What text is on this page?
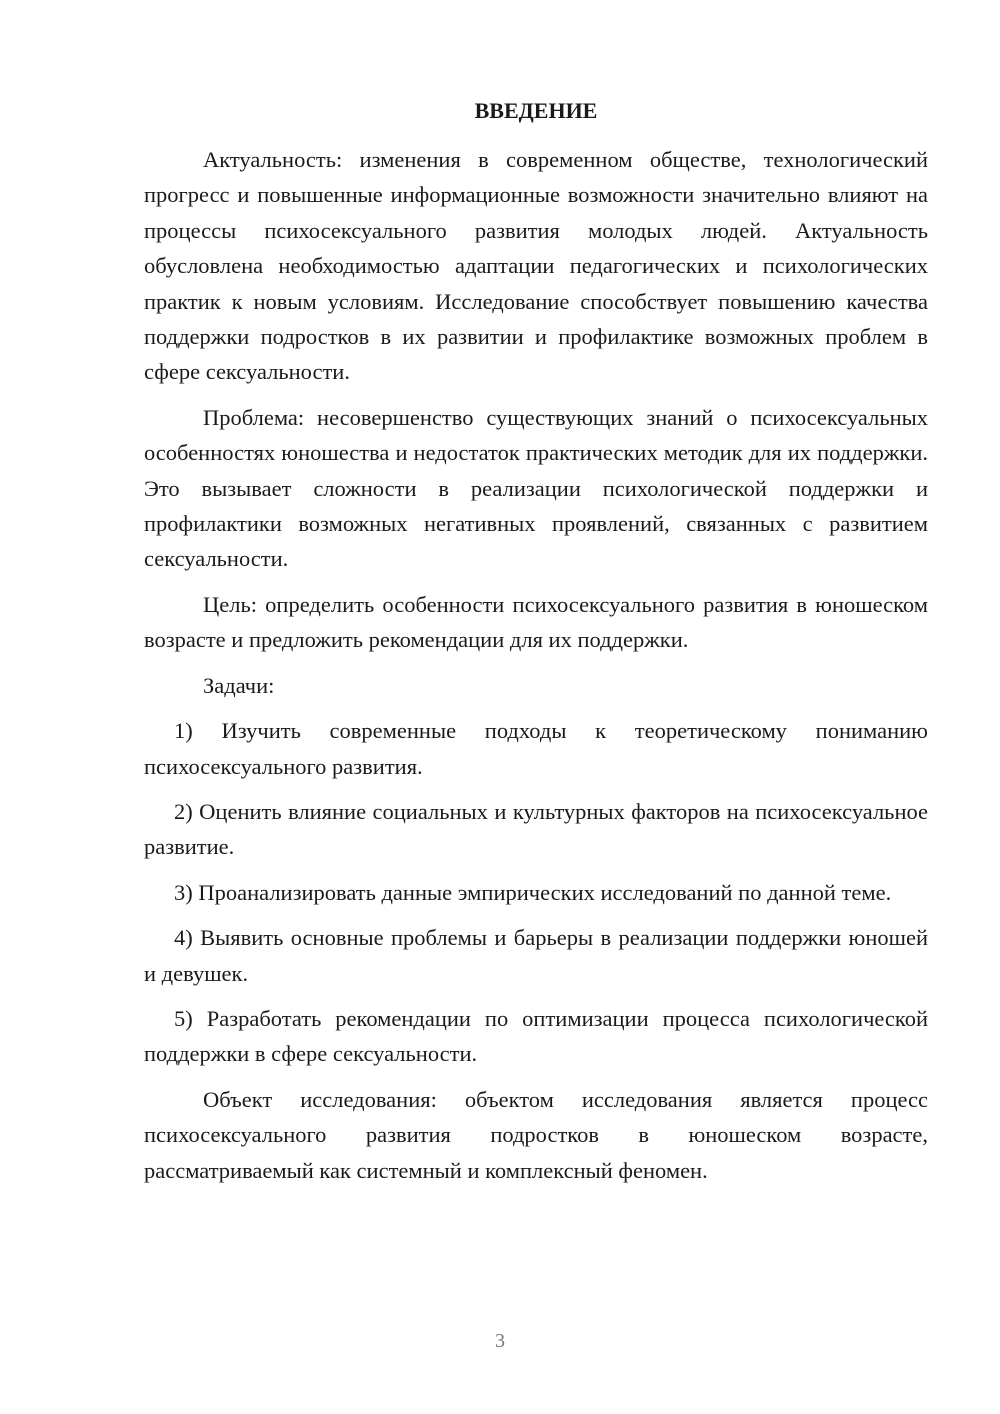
ВВЕДЕНИЕ

Актуальность: изменения в современном обществе, технологический прогресс и повышенные информационные возможности значительно влияют на процессы психосексуального развития молодых людей. Актуальность обусловлена необходимостью адаптации педагогических и психологических практик к новым условиям. Исследование способствует повышению качества поддержки подростков в их развитии и профилактике возможных проблем в сфере сексуальности.

Проблема: несовершенство существующих знаний о психосексуальных особенностях юношества и недостаток практических методик для их поддержки. Это вызывает сложности в реализации психологической поддержки и профилактики возможных негативных проявлений, связанных с развитием сексуальности.

Цель: определить особенности психосексуального развития в юношеском возрасте и предложить рекомендации для их поддержки.

Задачи:

1) Изучить современные подходы к теоретическому пониманию психосексуального развития.

2) Оценить влияние социальных и культурных факторов на психосексуальное развитие.

3) Проанализировать данные эмпирических исследований по данной теме.

4) Выявить основные проблемы и барьеры в реализации поддержки юношей и девушек.

5) Разработать рекомендации по оптимизации процесса психологической поддержки в сфере сексуальности.

Объект исследования: объектом исследования является процесс психосексуального развития подростков в юношеском возрасте, рассматриваемый как системный и комплексный феномен.

3
